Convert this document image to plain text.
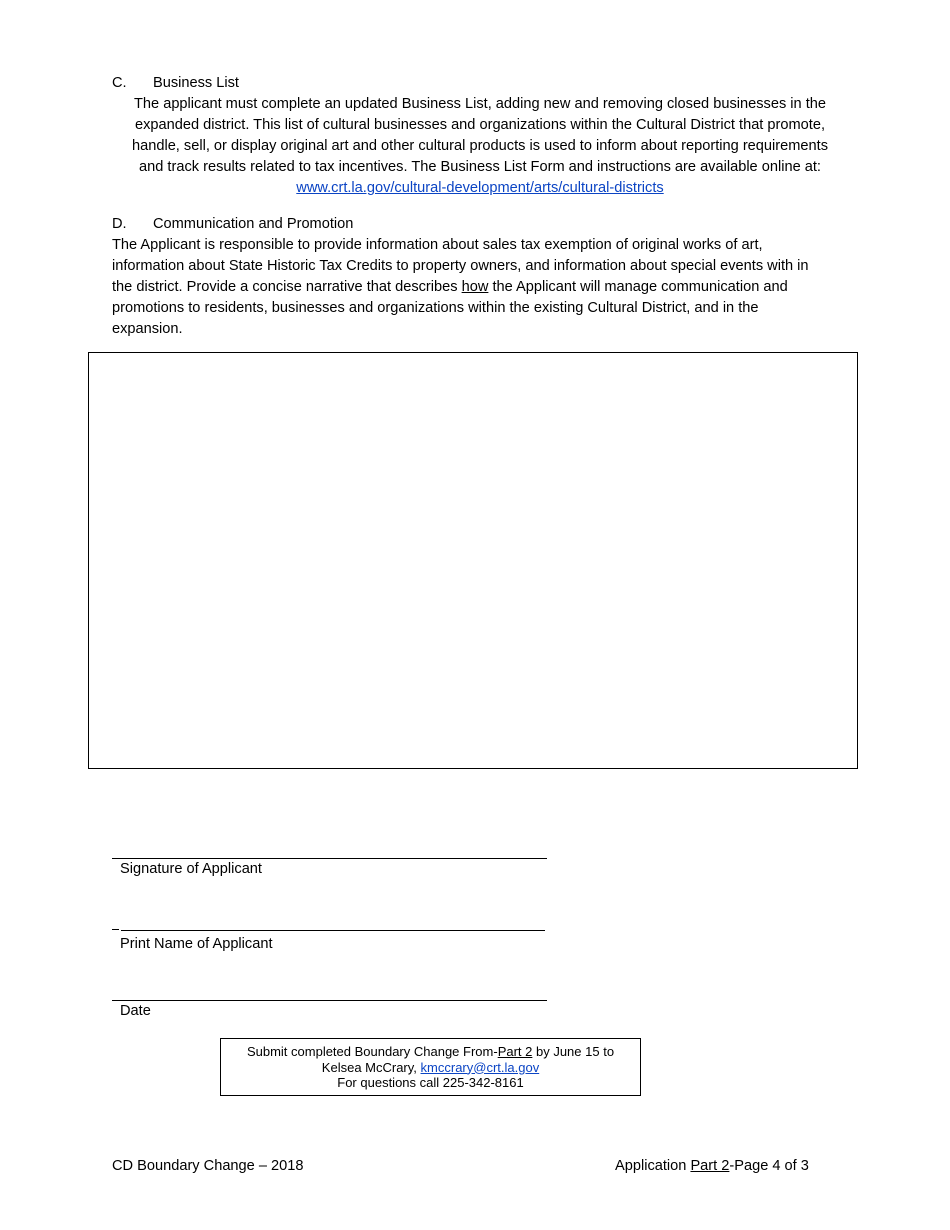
C. Business List
The applicant must complete an updated Business List, adding new and removing closed businesses in the
expanded district. This list of cultural businesses and organizations within the Cultural District that promote,
handle, sell, or display original art and other cultural products is used to inform about reporting requirements
and track results related to tax incentives. The Business List Form and instructions are available online at:
www.crt.la.gov/cultural-development/arts/cultural-districts
D. Communication and Promotion
The Applicant is responsible to provide information about sales tax exemption of original works of art,
information about State Historic Tax Credits to property owners, and information about special events with in
the district. Provide a concise narrative that describes how the Applicant will manage communication and
promotions to residents, businesses and organizations within the existing Cultural District, and in the
expansion.
Signature of Applicant
Print Name of Applicant
Date
Submit completed Boundary Change From-Part 2 by June 15 to
Kelsea McCrary, kmccrary@crt.la.gov
For questions call 225-342-8161
CD Boundary Change – 2018	Application Part 2-Page 4 of 3
